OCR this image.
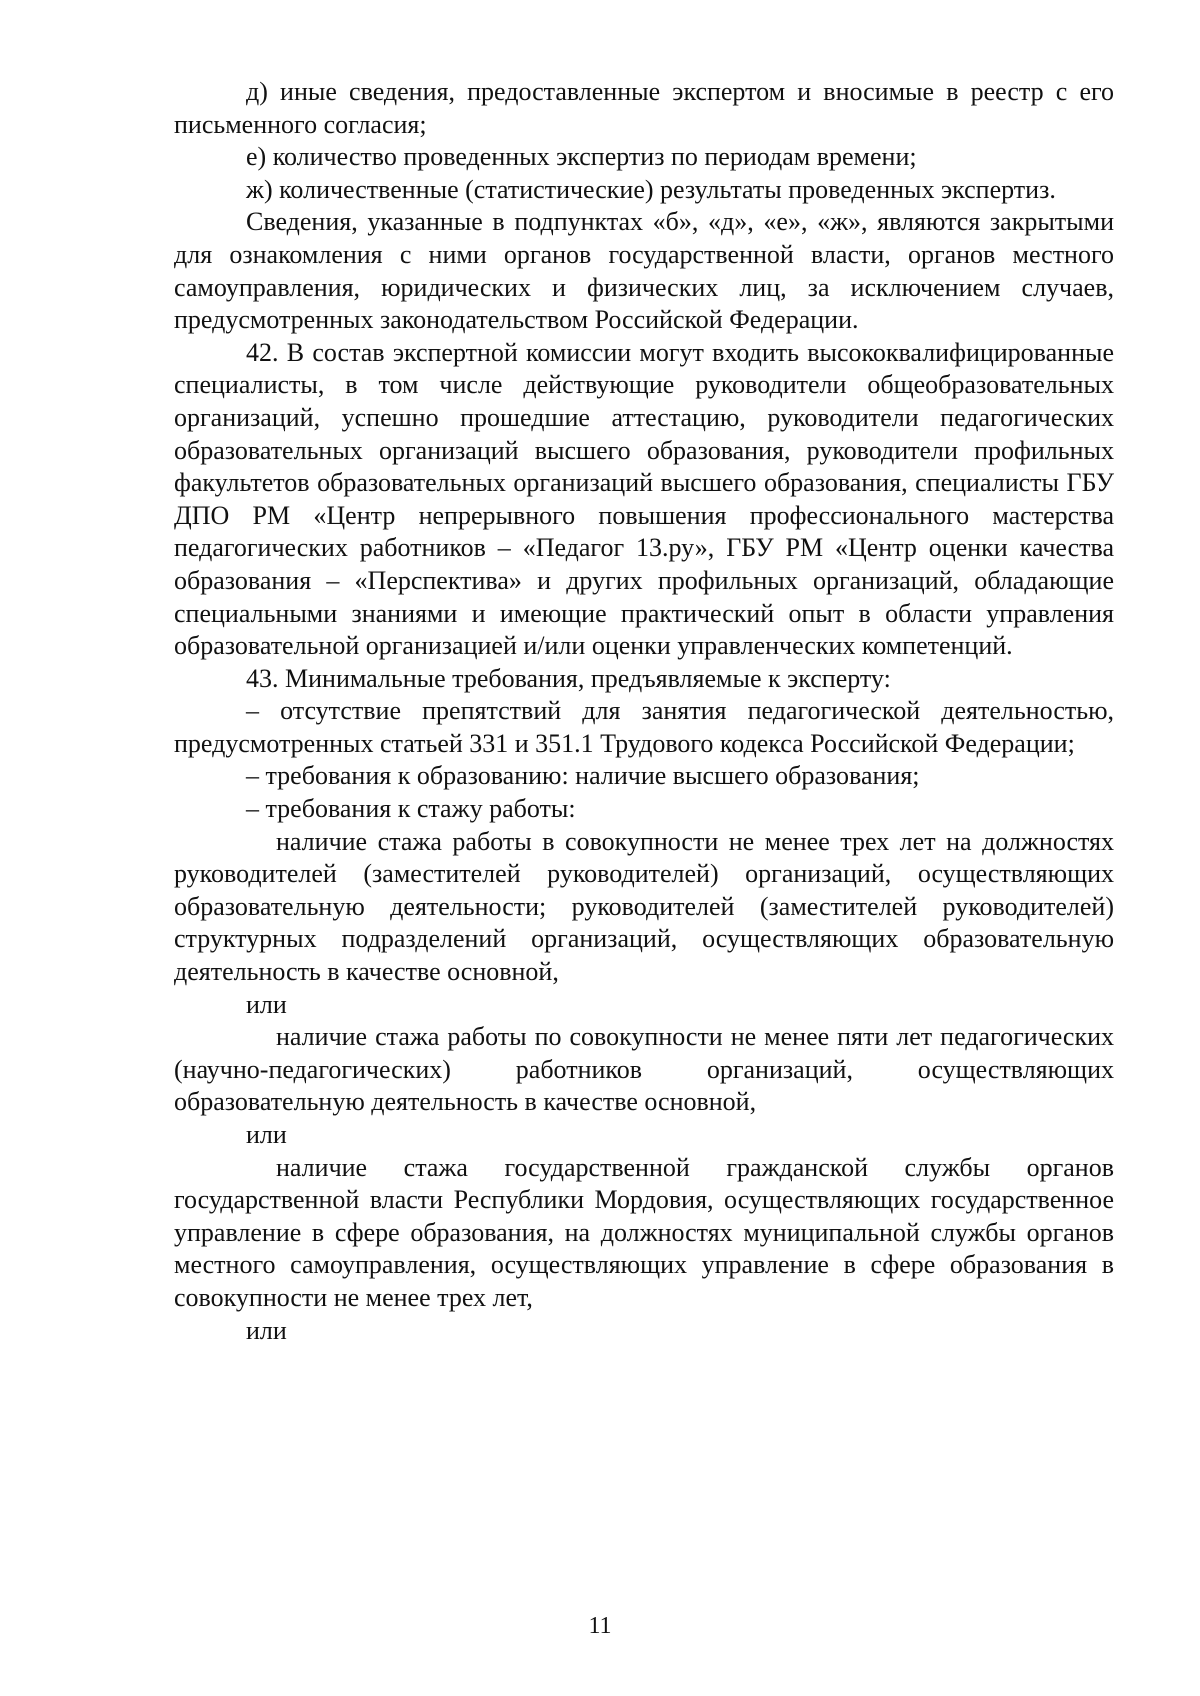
д) иные сведения, предоставленные экспертом и вносимые в реестр с его письменного согласия;

е) количество проведенных экспертиз по периодам времени;

ж) количественные (статистические) результаты проведенных экспертиз.

Сведения, указанные в подпунктах «б», «д», «е», «ж», являются закрытыми для ознакомления с ними органов государственной власти, органов местного самоуправления, юридических и физических лиц, за исключением случаев, предусмотренных законодательством Российской Федерации.

42. В состав экспертной комиссии могут входить высококвалифицированные специалисты, в том числе действующие руководители общеобразовательных организаций, успешно прошедшие аттестацию, руководители педагогических образовательных организаций высшего образования, руководители профильных факультетов образовательных организаций высшего образования, специалисты ГБУ ДПО РМ «Центр непрерывного повышения профессионального мастерства педагогических работников – «Педагог 13.ру», ГБУ РМ «Центр оценки качества образования – «Перспектива» и других профильных организаций, обладающие специальными знаниями и имеющие практический опыт в области управления образовательной организацией и/или оценки управленческих компетенций.

43. Минимальные требования, предъявляемые к эксперту:

– отсутствие препятствий для занятия педагогической деятельностью, предусмотренных статьей 331 и 351.1 Трудового кодекса Российской Федерации;

– требования к образованию: наличие высшего образования;

– требования к стажу работы:

наличие стажа работы в совокупности не менее трех лет на должностях руководителей (заместителей руководителей) организаций, осуществляющих образовательную деятельности; руководителей (заместителей руководителей) структурных подразделений организаций, осуществляющих образовательную деятельность в качестве основной,

или

наличие стажа работы по совокупности не менее пяти лет педагогических (научно-педагогических) работников организаций, осуществляющих образовательную деятельность в качестве основной,

или

наличие стажа государственной гражданской службы органов государственной власти Республики Мордовия, осуществляющих государственное управление в сфере образования, на должностях муниципальной службы органов местного самоуправления, осуществляющих управление в сфере образования в совокупности не менее трех лет,

или

11
